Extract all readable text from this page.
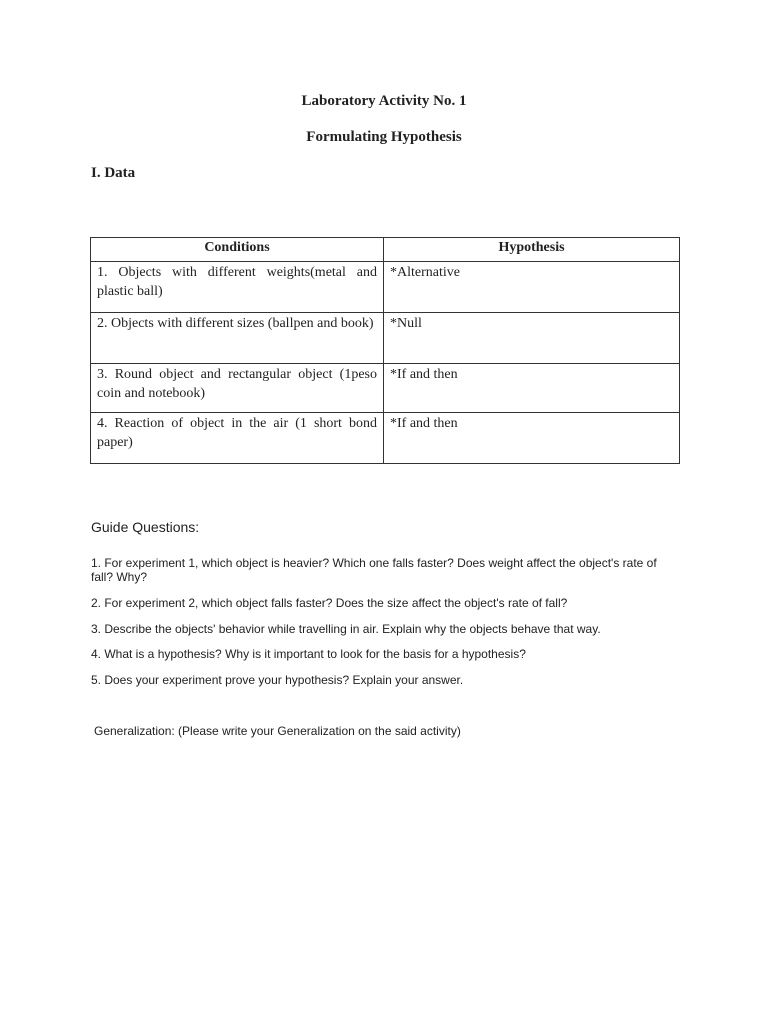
Laboratory Activity No. 1
Formulating Hypothesis
I. Data
Conditions	Hypothesis
1. Objects with different weights(metal and plastic ball)	*Alternative
2. Objects with different sizes (ballpen and book)	*Null
3. Round object and rectangular object (1peso coin and notebook)	*If and then
4. Reaction of object in the air (1 short bond paper)	*If and then
Guide Questions:
1. For experiment 1, which object is heavier? Which one falls faster? Does weight affect the object's rate of fall? Why?
2. For experiment 2, which object falls faster? Does the size affect the object's rate of fall?
3. Describe the objects' behavior while travelling in air. Explain why the objects behave that way.
4. What is a hypothesis? Why is it important to look for the basis for a hypothesis?
5. Does your experiment prove your hypothesis? Explain your answer.
Generalization: (Please write your Generalization on the said activity)
